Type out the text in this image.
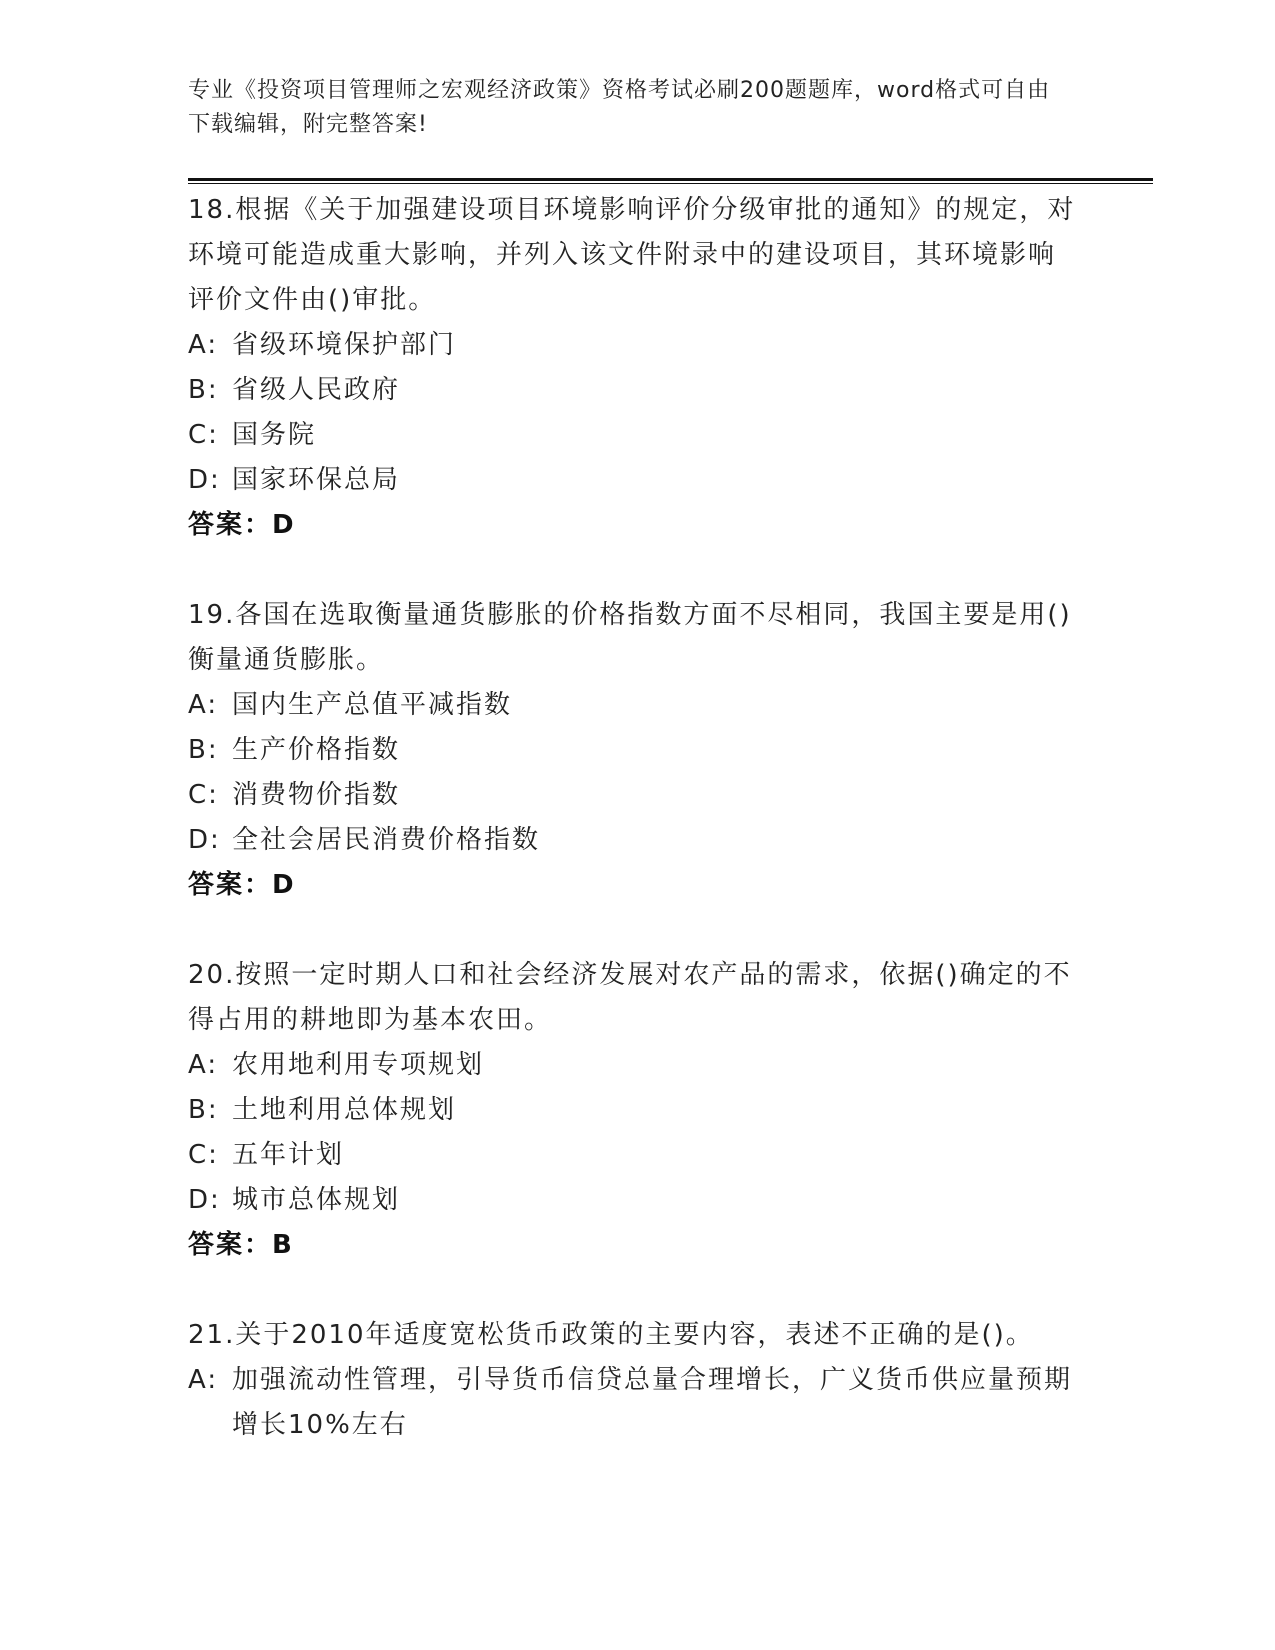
专业《投资项目管理师之宏观经济政策》资格考试必刷200题题库，word格式可自由下载编辑，附完整答案!
18.根据《关于加强建设项目环境影响评价分级审批的通知》的规定，对环境可能造成重大影响，并列入该文件附录中的建设项目，其环境影响评价文件由()审批。
A: 省级环境保护部门
B: 省级人民政府
C: 国务院
D: 国家环保总局
答案：D
19.各国在选取衡量通货膨胀的价格指数方面不尽相同，我国主要是用()衡量通货膨胀。
A: 国内生产总值平减指数
B: 生产价格指数
C: 消费物价指数
D: 全社会居民消费价格指数
答案：D
20.按照一定时期人口和社会经济发展对农产品的需求，依据()确定的不得占用的耕地即为基本农田。
A: 农用地利用专项规划
B: 土地利用总体规划
C: 五年计划
D: 城市总体规划
答案：B
21.关于2010年适度宽松货币政策的主要内容，表述不正确的是()。
A: 加强流动性管理，引导货币信贷总量合理增长，广义货币供应量预期增长10%左右
